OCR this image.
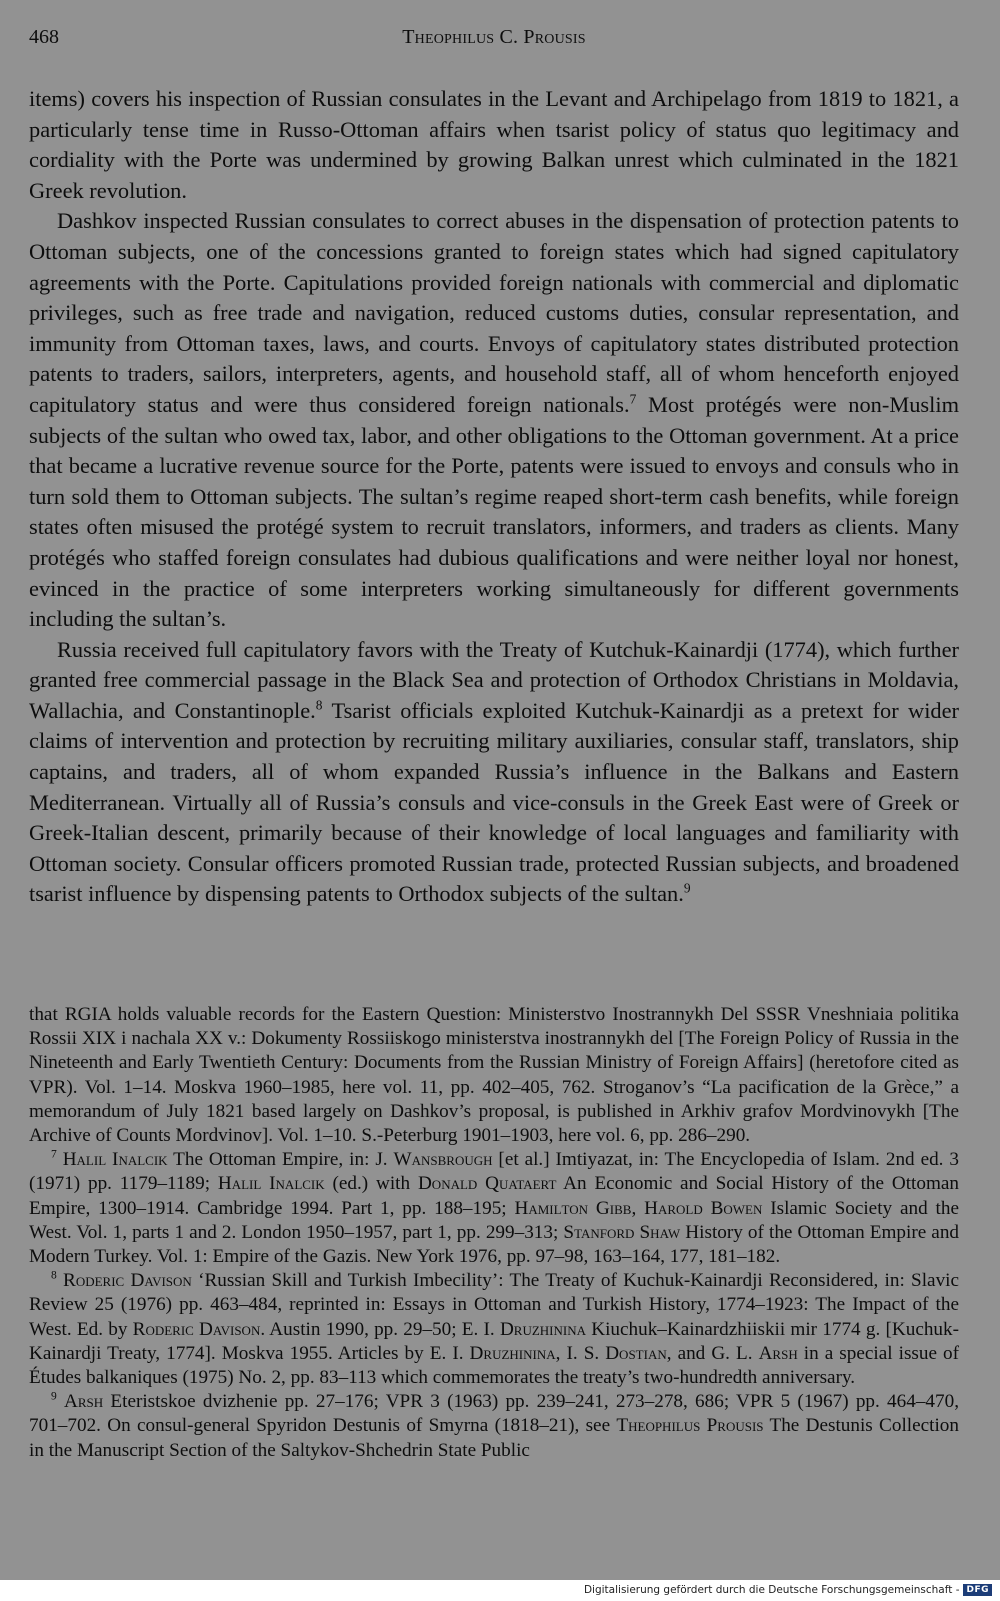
468	Theophilus C. Prousis

items) covers his inspection of Russian consulates in the Levant and Archipelago from 1819 to 1821, a particularly tense time in Russo-Ottoman affairs when tsarist policy of status quo legitimacy and cordiality with the Porte was undermined by growing Balkan unrest which culminated in the 1821 Greek revolution.

Dashkov inspected Russian consulates to correct abuses in the dispensation of protection patents to Ottoman subjects, one of the concessions granted to foreign states which had signed capitulatory agreements with the Porte. Capitulations provided foreign nationals with commercial and diplomatic privileges, such as free trade and navigation, reduced customs duties, consular representation, and immunity from Ottoman taxes, laws, and courts. Envoys of capitulatory states distributed protection patents to traders, sailors, interpreters, agents, and household staff, all of whom henceforth enjoyed capitulatory status and were thus considered foreign nationals.$^7$ Most protégés were non-Muslim subjects of the sultan who owed tax, labor, and other obligations to the Ottoman government. At a price that became a lucrative revenue source for the Porte, patents were issued to envoys and consuls who in turn sold them to Ottoman subjects. The sultan’s regime reaped short-term cash benefits, while foreign states often misused the protégé system to recruit translators, informers, and traders as clients. Many protégés who staffed foreign consulates had dubious qualifications and were neither loyal nor honest, evinced in the practice of some interpreters working simultaneously for different governments including the sultan’s.

Russia received full capitulatory favors with the Treaty of Kutchuk-Kainardji (1774), which further granted free commercial passage in the Black Sea and protection of Orthodox Christians in Moldavia, Wallachia, and Constantinople.$^8$ Tsarist officials exploited Kutchuk-Kainardji as a pretext for wider claims of intervention and protection by recruiting military auxiliaries, consular staff, translators, ship captains, and traders, all of whom expanded Russia’s influence in the Balkans and Eastern Mediterranean. Virtually all of Russia’s consuls and vice-consuls in the Greek East were of Greek or Greek-Italian descent, primarily because of their knowledge of local languages and familiarity with Ottoman society. Consular officers promoted Russian trade, protected Russian subjects, and broadened tsarist influence by dispensing patents to Orthodox subjects of the sultan.$^9$

that RGIA holds valuable records for the Eastern Question: Ministerstvo Inostrannykh Del SSSR Vneshniaia politika Rossii XIX i nachala XX v.: Dokumenty Rossiiskogo ministerstva inostrannykh del [The Foreign Policy of Russia in the Nineteenth and Early Twentieth Century: Documents from the Russian Ministry of Foreign Affairs] (heretofore cited as VPR). Vol. 1–14. Moskva 1960–1985, here vol. 11, pp. 402–405, 762. Stroganov’s “La pacification de la Grèce,” a memorandum of July 1821 based largely on Dashkov’s proposal, is published in Arkhiv grafov Mordvinovykh [The Archive of Counts Mordvinov]. Vol. 1–10. S.-Peterburg 1901–1903, here vol. 6, pp. 286–290.

$^7$ Halil Inalcik The Ottoman Empire, in: J. Wansbrough [et al.] Imtiyazat, in: The Encyclopedia of Islam. 2nd ed. 3 (1971) pp. 1179–1189; Halil Inalcik (ed.) with Donald Quataert An Economic and Social History of the Ottoman Empire, 1300–1914. Cambridge 1994. Part 1, pp. 188–195; Hamilton Gibb, Harold Bowen Islamic Society and the West. Vol. 1, parts 1 and 2. London 1950–1957, part 1, pp. 299–313; Stanford Shaw History of the Ottoman Empire and Modern Turkey. Vol. 1: Empire of the Gazis. New York 1976, pp. 97–98, 163–164, 177, 181–182.

$^8$ Roderic Davison ‘Russian Skill and Turkish Imbecility’: The Treaty of Kuchuk-Kainardji Reconsidered, in: Slavic Review 25 (1976) pp. 463–484, reprinted in: Essays in Ottoman and Turkish History, 1774–1923: The Impact of the West. Ed. by Roderic Davison. Austin 1990, pp. 29–50; E. I. Druzhinina Kiuchuk–Kainardzhiiskii mir 1774 g. [Kuchuk-Kainardji Treaty, 1774]. Moskva 1955. Articles by E. I. Druzhinina, I. S. Dostian, and G. L. Arsh in a special issue of Études balkaniques (1975) No. 2, pp. 83–113 which commemorates the treaty’s two-hundredth anniversary.

$^9$ Arsh Eteristskoe dvizhenie pp. 27–176; VPR 3 (1963) pp. 239–241, 273–278, 686; VPR 5 (1967) pp. 464–470, 701–702. On consul-general Spyridon Destunis of Smyrna (1818–21), see Theophilus Prousis The Destunis Collection in the Manuscript Section of the Saltykov-Shchedrin State Public

Digitalisierung gefördert durch die Deutsche Forschungsgemeinschaft - DFG
